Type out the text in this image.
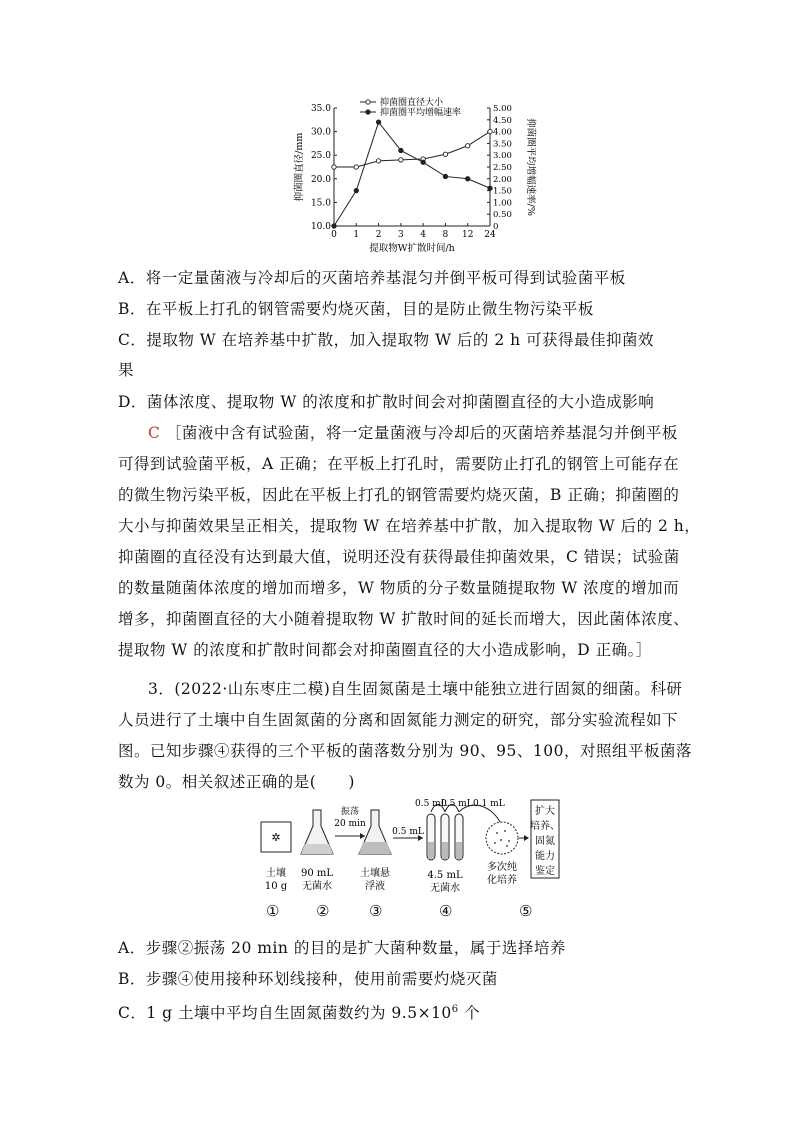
35.0
30.0
25.0
20.0
15.0
10.0
5.00
4.50
4.00
3.50
3.00
2.50
2.00
1.50
1.00
0.50
0
0 1 2 3 4 8 12 24
提取物W扩散时间/h
抑菌圈直径/mm	抑菌圈平均增幅速率/%
抑菌圈直径大小
抑菌圈平均增幅速率
A．将一定量菌液与冷却后的灭菌培养基混匀并倒平板可得到试验菌平板
B．在平板上打孔的钢管需要灼烧灭菌，目的是防止微生物污染平板
C．提取物 W 在培养基中扩散，加入提取物 W 后的 2 h 可获得最佳抑菌效
果
D．菌体浓度、提取物 W 的浓度和扩散时间会对抑菌圈直径的大小造成影响
C ［菌液中含有试验菌，将一定量菌液与冷却后的灭菌培养基混匀并倒平板
可得到试验菌平板，A 正确；在平板上打孔时，需要防止打孔的钢管上可能存在
的微生物污染平板，因此在平板上打孔的钢管需要灼烧灭菌，B 正确；抑菌圈的
大小与抑菌效果呈正相关，提取物 W 在培养基中扩散，加入提取物 W 后的 2 h，
抑菌圈的直径没有达到最大值，说明还没有获得最佳抑菌效果，C 错误；试验菌
的数量随菌体浓度的增加而增多，W 物质的分子数量随提取物 W 浓度的增加而
增多，抑菌圈直径的大小随着提取物 W 扩散时间的延长而增大，因此菌体浓度、
提取物 W 的浓度和扩散时间都会对抑菌圈直径的大小造成影响，D 正确。］
3．(2022·山东枣庄二模)自生固氮菌是土壤中能独立进行固氮的细菌。科研
人员进行了土壤中自生固氮菌的分离和固氮能力测定的研究，部分实验流程如下
图。已知步骤④获得的三个平板的菌落数分别为 90、95、100，对照组平板菌落
数为 0。相关叙述正确的是(　　)
✲
土壤
10 g
90 mL
无菌水
振荡
20 min
土壤悬
浮液
0.5 mL
0.5 mL
0.5 mL 0.1 mL
4.5 mL
无菌水
多次纯
化培养
扩大
培养、
固氮
能力
鉴定
① ②	③	④	⑤
A．步骤②振荡 20 min 的目的是扩大菌种数量，属于选择培养
B．步骤④使用接种环划线接种，使用前需要灼烧灭菌
C．1 g 土壤中平均自生固氮菌数约为 $9.5\times 10^6$ 个
